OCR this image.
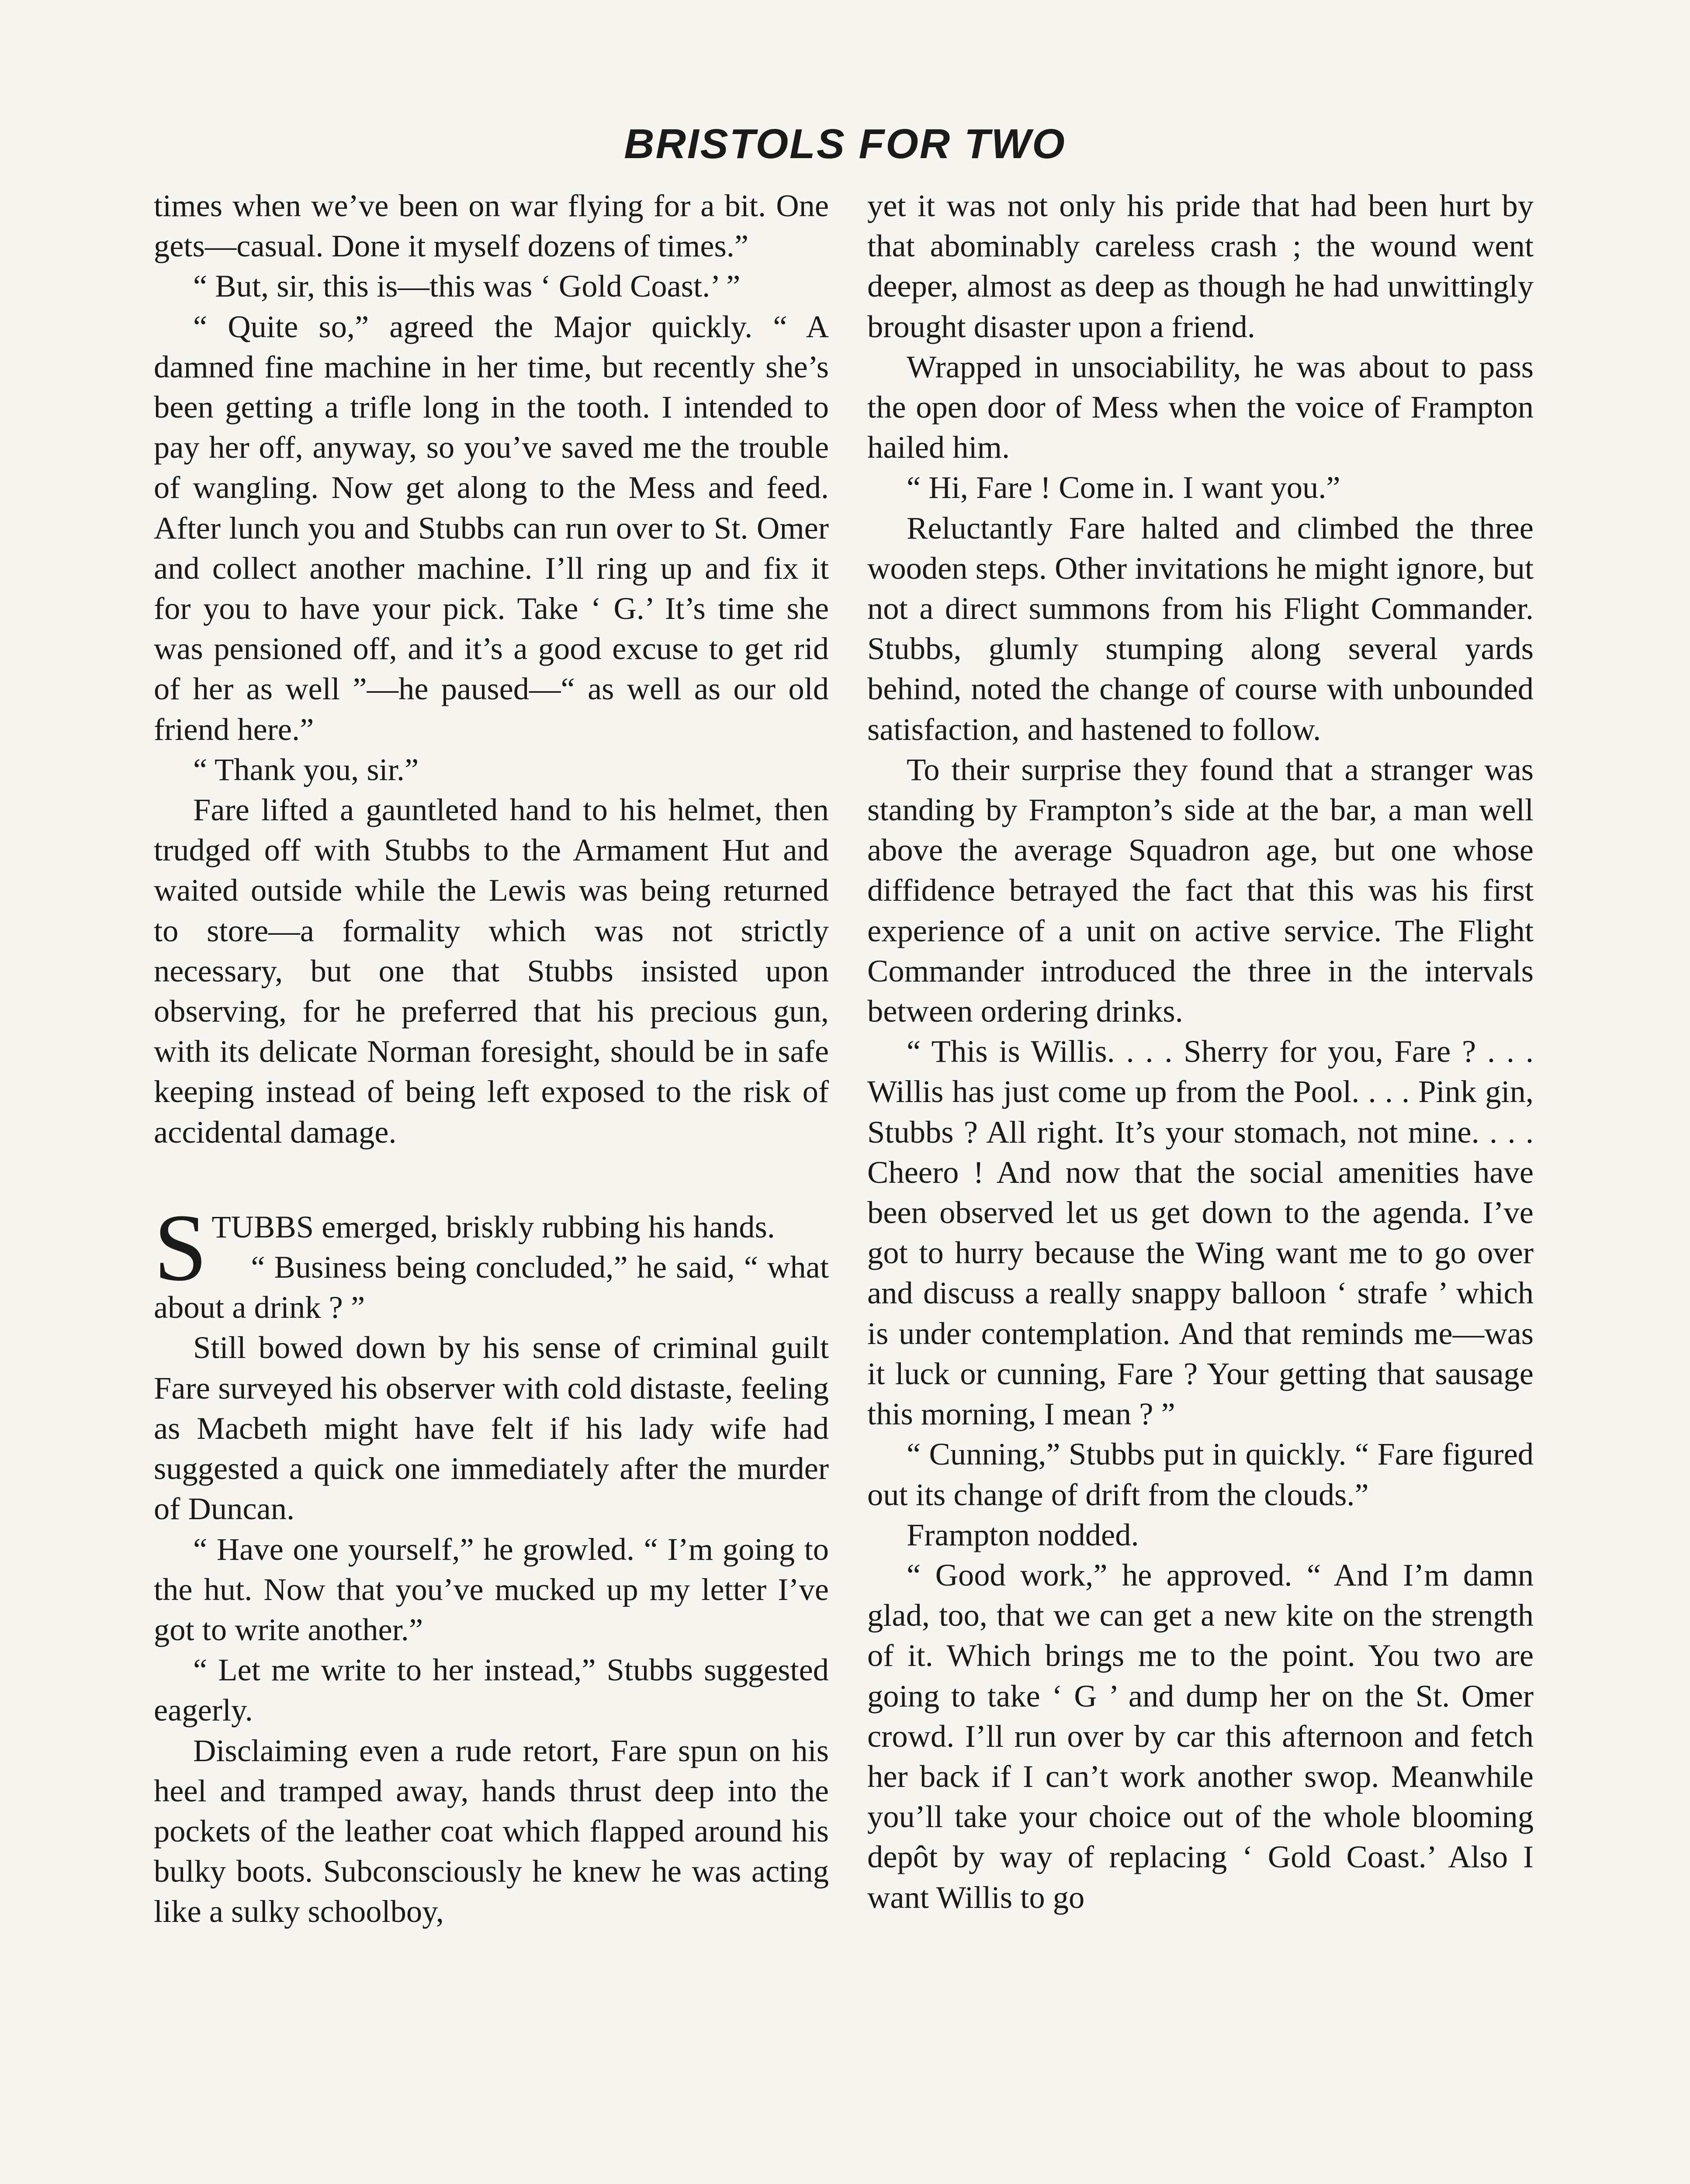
BRISTOLS FOR TWO

times when we’ve been on war flying for a bit. One gets—casual. Done it myself dozens of times.”

“ But, sir, this is—this was ‘ Gold Coast.’ ”

“ Quite so,” agreed the Major quickly. “ A damned fine machine in her time, but recently she’s been getting a trifle long in the tooth. I intended to pay her off, anyway, so you’ve saved me the trouble of wangling. Now get along to the Mess and feed. After lunch you and Stubbs can run over to St. Omer and collect another machine. I’ll ring up and fix it for you to have your pick. Take ‘ G.’ It’s time she was pensioned off, and it’s a good excuse to get rid of her as well ”—he paused—“ as well as our old friend here.”

“ Thank you, sir.”

Fare lifted a gauntleted hand to his helmet, then trudged off with Stubbs to the Armament Hut and waited outside while the Lewis was being returned to store—a formality which was not strictly necessary, but one that Stubbs insisted upon observing, for he preferred that his precious gun, with its delicate Norman foresight, should be in safe keeping instead of being left exposed to the risk of accidental damage.

STUBBS emerged, briskly rubbing his hands.

“ Business being concluded,” he said, “ what about a drink ? ”

Still bowed down by his sense of criminal guilt Fare surveyed his observer with cold distaste, feeling as Macbeth might have felt if his lady wife had suggested a quick one immediately after the murder of Duncan.

“ Have one yourself,” he growled. “ I’m going to the hut. Now that you’ve mucked up my letter I’ve got to write another.”

“ Let me write to her instead,” Stubbs suggested eagerly.

Disclaiming even a rude retort, Fare spun on his heel and tramped away, hands thrust deep into the pockets of the leather coat which flapped around his bulky boots. Subconsciously he knew he was acting like a sulky schoolboy,

yet it was not only his pride that had been hurt by that abominably careless crash ; the wound went deeper, almost as deep as though he had unwittingly brought disaster upon a friend.

Wrapped in unsociability, he was about to pass the open door of Mess when the voice of Frampton hailed him.

“ Hi, Fare ! Come in. I want you.”

Reluctantly Fare halted and climbed the three wooden steps. Other invitations he might ignore, but not a direct summons from his Flight Commander. Stubbs, glumly stumping along several yards behind, noted the change of course with unbounded satisfaction, and hastened to follow.

To their surprise they found that a stranger was standing by Frampton’s side at the bar, a man well above the average Squadron age, but one whose diffidence betrayed the fact that this was his first experience of a unit on active service. The Flight Commander introduced the three in the intervals between ordering drinks.

“ This is Willis. . . . Sherry for you, Fare ? . . . Willis has just come up from the Pool. . . . Pink gin, Stubbs ? All right. It’s your stomach, not mine. . . . Cheero ! And now that the social amenities have been observed let us get down to the agenda. I’ve got to hurry because the Wing want me to go over and discuss a really snappy balloon ‘ strafe ’ which is under contemplation. And that reminds me—was it luck or cunning, Fare ? Your getting that sausage this morning, I mean ? ”

“ Cunning,” Stubbs put in quickly. “ Fare figured out its change of drift from the clouds.”

Frampton nodded.

“ Good work,” he approved. “ And I’m damn glad, too, that we can get a new kite on the strength of it. Which brings me to the point. You two are going to take ‘ G ’ and dump her on the St. Omer crowd. I’ll run over by car this afternoon and fetch her back if I can’t work another swop. Meanwhile you’ll take your choice out of the whole blooming depôt by way of replacing ‘ Gold Coast.’ Also I want Willis to go
